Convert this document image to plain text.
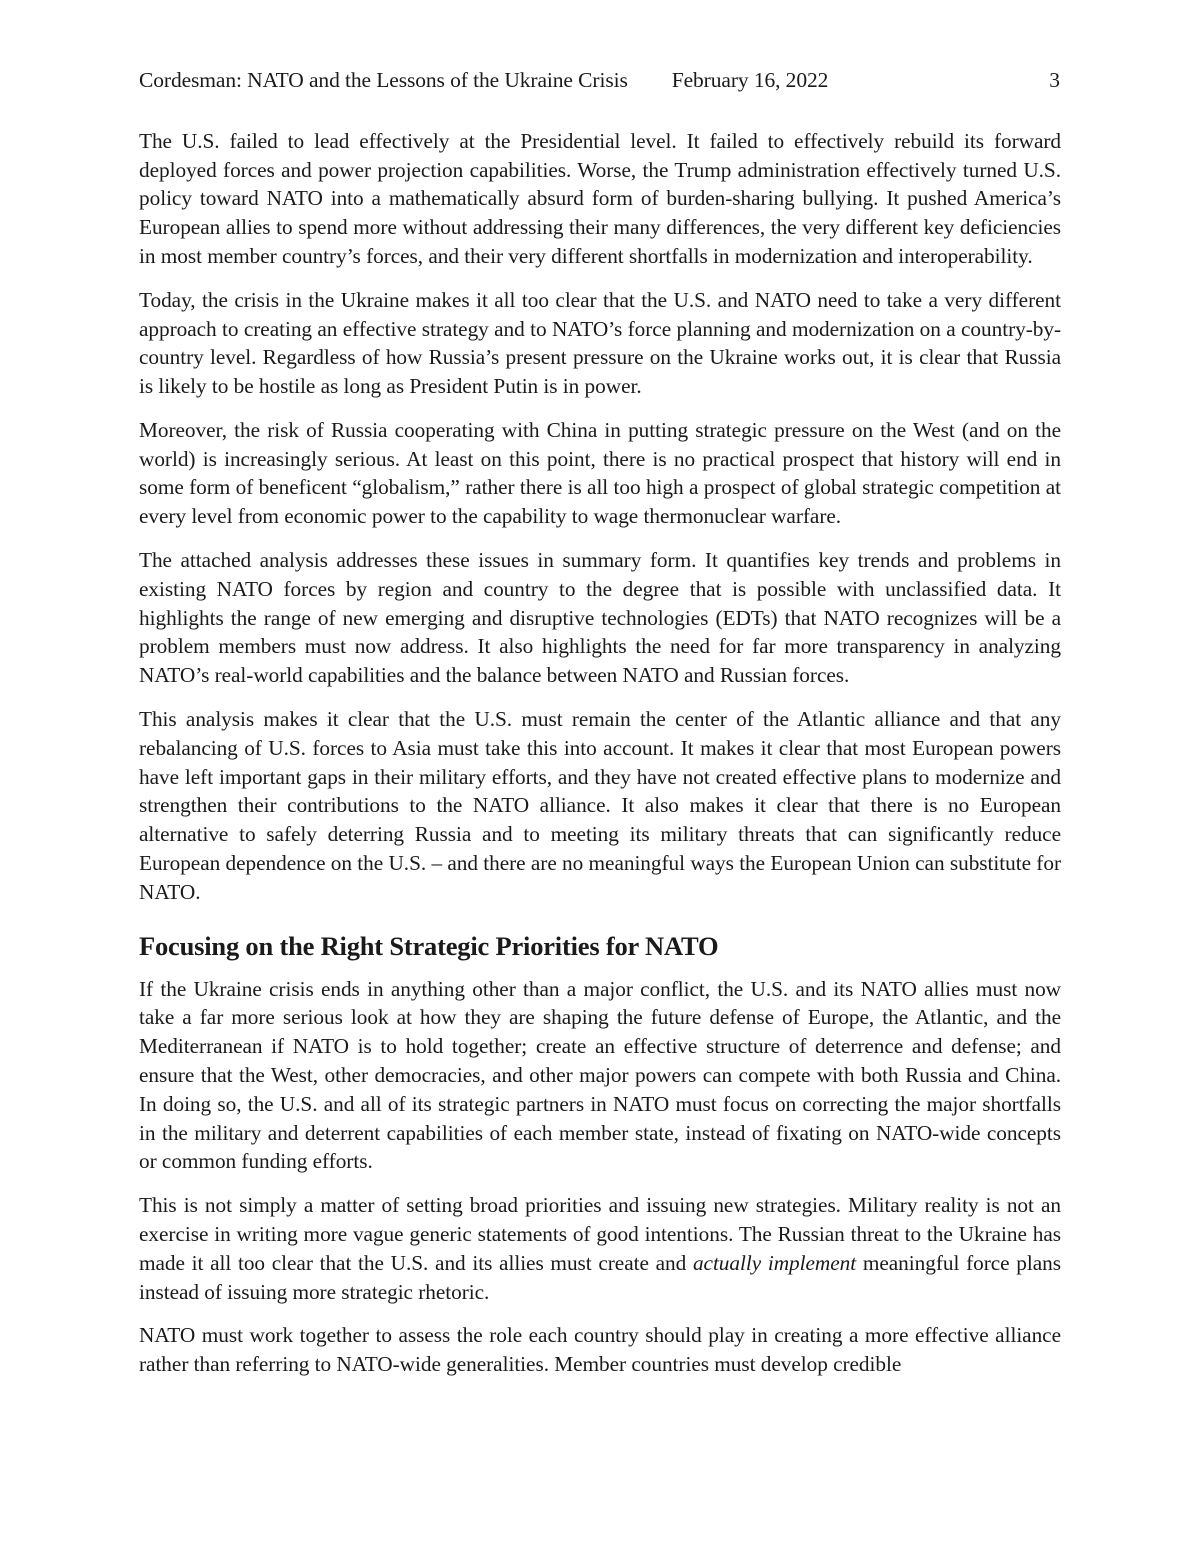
Cordesman: NATO and the Lessons of the Ukraine Crisis February 16, 2022	3

The U.S. failed to lead effectively at the Presidential level. It failed to effectively rebuild its forward deployed forces and power projection capabilities. Worse, the Trump administration effectively turned U.S. policy toward NATO into a mathematically absurd form of burden-sharing bullying. It pushed America’s European allies to spend more without addressing their many differences, the very different key deficiencies in most member country’s forces, and their very different shortfalls in modernization and interoperability.

Today, the crisis in the Ukraine makes it all too clear that the U.S. and NATO need to take a very different approach to creating an effective strategy and to NATO’s force planning and modernization on a country-by-country level. Regardless of how Russia’s present pressure on the Ukraine works out, it is clear that Russia is likely to be hostile as long as President Putin is in power.

Moreover, the risk of Russia cooperating with China in putting strategic pressure on the West (and on the world) is increasingly serious. At least on this point, there is no practical prospect that history will end in some form of beneficent “globalism,” rather there is all too high a prospect of global strategic competition at every level from economic power to the capability to wage thermonuclear warfare.

The attached analysis addresses these issues in summary form. It quantifies key trends and problems in existing NATO forces by region and country to the degree that is possible with unclassified data. It highlights the range of new emerging and disruptive technologies (EDTs) that NATO recognizes will be a problem members must now address. It also highlights the need for far more transparency in analyzing NATO’s real-world capabilities and the balance between NATO and Russian forces.

This analysis makes it clear that the U.S. must remain the center of the Atlantic alliance and that any rebalancing of U.S. forces to Asia must take this into account. It makes it clear that most European powers have left important gaps in their military efforts, and they have not created effective plans to modernize and strengthen their contributions to the NATO alliance. It also makes it clear that there is no European alternative to safely deterring Russia and to meeting its military threats that can significantly reduce European dependence on the U.S. – and there are no meaningful ways the European Union can substitute for NATO.

Focusing on the Right Strategic Priorities for NATO

If the Ukraine crisis ends in anything other than a major conflict, the U.S. and its NATO allies must now take a far more serious look at how they are shaping the future defense of Europe, the Atlantic, and the Mediterranean if NATO is to hold together; create an effective structure of deterrence and defense; and ensure that the West, other democracies, and other major powers can compete with both Russia and China. In doing so, the U.S. and all of its strategic partners in NATO must focus on correcting the major shortfalls in the military and deterrent capabilities of each member state, instead of fixating on NATO-wide concepts or common funding efforts.

This is not simply a matter of setting broad priorities and issuing new strategies. Military reality is not an exercise in writing more vague generic statements of good intentions. The Russian threat to the Ukraine has made it all too clear that the U.S. and its allies must create and actually implement meaningful force plans instead of issuing more strategic rhetoric.

NATO must work together to assess the role each country should play in creating a more effective alliance rather than referring to NATO-wide generalities. Member countries must develop credible
